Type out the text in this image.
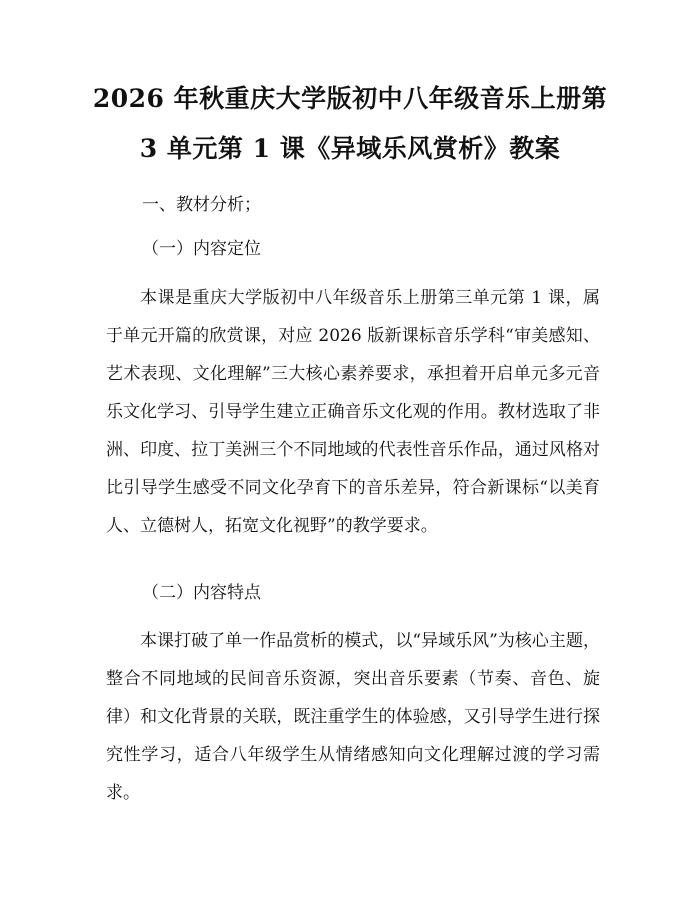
2026 年秋重庆大学版初中八年级音乐上册第
3 单元第 1 课《异域乐风赏析》教案
一、教材分析；
（一）内容定位

本课是重庆大学版初中八年级音乐上册第三单元第 1 课，属于单元开篇的欣赏课，对应 2026 版新课标音乐学科“审美感知、艺术表现、文化理解”三大核心素养要求，承担着开启单元多元音乐文化学习、引导学生建立正确音乐文化观的作用。教材选取了非洲、印度、拉丁美洲三个不同地域的代表性音乐作品，通过风格对比引导学生感受不同文化孕育下的音乐差异，符合新课标“以美育人、立德树人，拓宽文化视野”的教学要求。

（二）内容特点

本课打破了单一作品赏析的模式，以“异域乐风”为核心主题，整合不同地域的民间音乐资源，突出音乐要素（节奏、音色、旋律）和文化背景的关联，既注重学生的体验感，又引导学生进行探究性学习，适合八年级学生从情绪感知向文化理解过渡的学习需求。
